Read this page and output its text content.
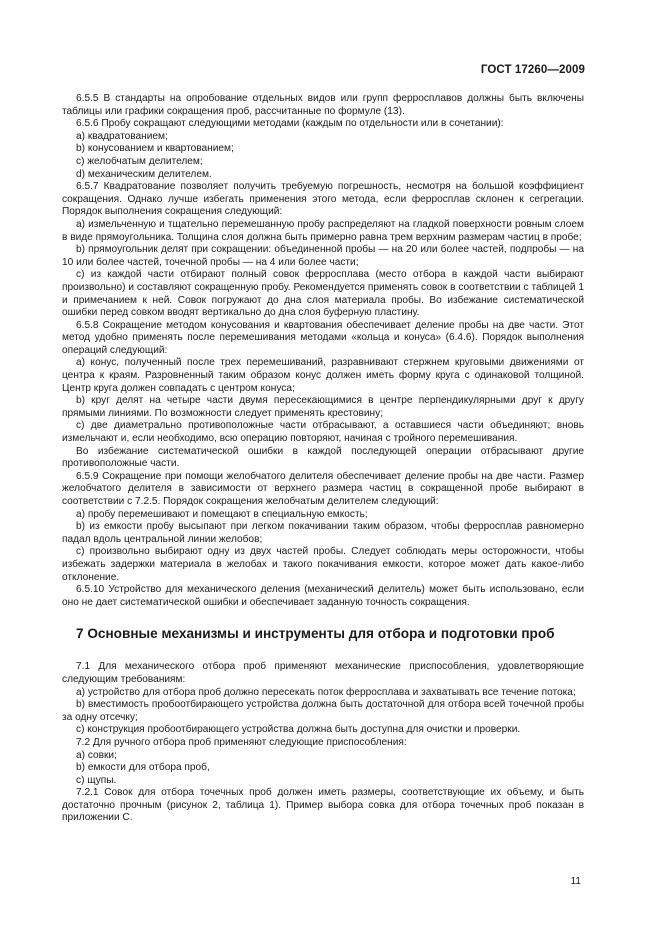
ГОСТ 17260—2009

6.5.5 В стандарты на опробование отдельных видов или групп ферросплавов должны быть включены таблицы или графики сокращения проб, рассчитанные по формуле (13).

6.5.6 Пробу сокращают следующими методами (каждым по отдельности или в сочетании):

а) квадратованием;

b) конусованием и квартованием;

c) желобчатым делителем;

d) механическим делителем.

6.5.7 Квадратование позволяет получить требуемую погрешность, несмотря на большой коэффициент сокращения. Однако лучше избегать применения этого метода, если ферросплав склонен к сегрегации. Порядок выполнения сокращения следующий:

a) измельченную и тщательно перемешанную пробу распределяют на гладкой поверхности ровным слоем в виде прямоугольника. Толщина слоя должна быть примерно равна трем верхним размерам частиц в пробе;

b) прямоугольник делят при сокращении: объединенной пробы — на 20 или более частей, подпробы — на 10 или более частей, точечной пробы — на 4 или более части;

c) из каждой части отбирают полный совок ферросплава (место отбора в каждой части выбирают произвольно) и составляют сокращенную пробу. Рекомендуется применять совок в соответствии с таблицей 1 и примечанием к ней. Совок погружают до дна слоя материала пробы. Во избежание систематической ошибки перед совком вводят вертикально до дна слоя буферную пластину.

6.5.8 Сокращение методом конусования и квартования обеспечивает деление пробы на две части. Этот метод удобно применять после перемешивания методами «кольца и конуса» (6.4.6). Порядок выполнения операций следующий:

a) конус, полученный после трех перемешиваний, разравнивают стержнем круговыми движениями от центра к краям. Разровненный таким образом конус должен иметь форму круга с одинаковой толщиной. Центр круга должен совпадать с центром конуса;

b) круг делят на четыре части двумя пересекающимися в центре перпендикулярными друг к другу прямыми линиями. По возможности следует применять крестовину;

c) две диаметрально противоположные части отбрасывают, а оставшиеся части объединяют; вновь измельчают и, если необходимо, всю операцию повторяют, начиная с тройного перемешивания.

Во избежание систематической ошибки в каждой последующей операции отбрасывают другие противоположные части.

6.5.9 Сокращение при помощи желобчатого делителя обеспечивает деление пробы на две части. Размер желобчатого делителя в зависимости от верхнего размера частиц в сокращенной пробе выбирают в соответствии с 7.2.5. Порядок сокращения желобчатым делителем следующий:

a) пробу перемешивают и помещают в специальную емкость;

b) из емкости пробу высыпают при легком покачивании таким образом, чтобы ферросплав равномерно падал вдоль центральной линии желобов;

c) произвольно выбирают одну из двух частей пробы. Следует соблюдать меры осторожности, чтобы избежать задержки материала в желобах и такого покачивания емкости, которое может дать какое-либо отклонение.

6.5.10 Устройство для механического деления (механический делитель) может быть использовано, если оно не дает систематической ошибки и обеспечивает заданную точность сокращения.

7 Основные механизмы и инструменты для отбора и подготовки проб

7.1 Для механического отбора проб применяют механические приспособления, удовлетворяющие следующим требованиям:

a) устройство для отбора проб должно пересекать поток ферросплава и захватывать все течение потока;

b) вместимость пробоотбирающего устройства должна быть достаточной для отбора всей точечной пробы за одну отсечку;

c) конструкция пробоотбирающего устройства должна быть доступна для очистки и проверки.

7.2 Для ручного отбора проб применяют следующие приспособления:

a) совки;

b) емкости для отбора проб,

c) щупы.

7.2.1 Совок для отбора точечных проб должен иметь размеры, соответствующие их объему, и быть достаточно прочным (рисунок 2, таблица 1). Пример выбора совка для отбора точечных проб показан в приложении C.

11
